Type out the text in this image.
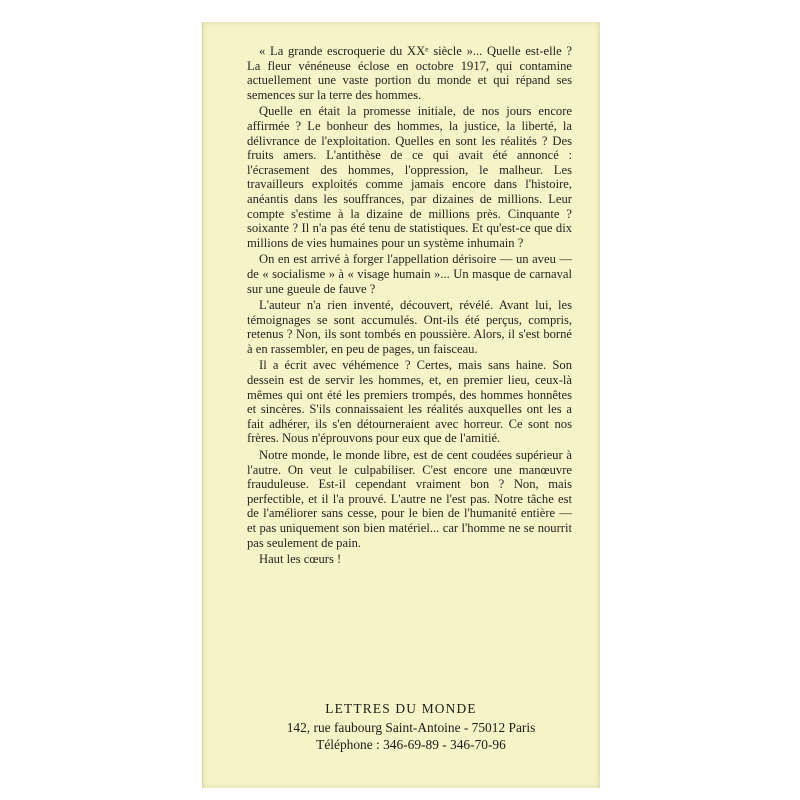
« La grande escroquerie du XXᵉ siècle »... Quelle est-elle ? La fleur vénéneuse éclose en octobre 1917, qui contamine actuellement une vaste portion du monde et qui répand ses semences sur la terre des hommes.

Quelle en était la promesse initiale, de nos jours encore affirmée ? Le bonheur des hommes, la justice, la liberté, la délivrance de l'exploitation. Quelles en sont les réalités ? Des fruits amers. L'antithèse de ce qui avait été annoncé : l'écrasement des hommes, l'oppression, le malheur. Les travailleurs exploités comme jamais encore dans l'histoire, anéantis dans les souffrances, par dizaines de millions. Leur compte s'estime à la dizaine de millions près. Cinquante ? soixante ? Il n'a pas été tenu de statistiques. Et qu'est-ce que dix millions de vies humaines pour un système inhumain ?

On en est arrivé à forger l'appellation dérisoire — un aveu — de « socialisme » à « visage humain »... Un masque de carnaval sur une gueule de fauve ?

L'auteur n'a rien inventé, découvert, révélé. Avant lui, les témoignages se sont accumulés. Ont-ils été perçus, compris, retenus ? Non, ils sont tombés en poussière. Alors, il s'est borné à en rassembler, en peu de pages, un faisceau.

Il a écrit avec véhémence ? Certes, mais sans haine. Son dessein est de servir les hommes, et, en premier lieu, ceux-là mêmes qui ont été les premiers trompés, des hommes honnêtes et sincères. S'ils connaissaient les réalités auxquelles ont les a fait adhérer, ils s'en détourneraient avec horreur. Ce sont nos frères. Nous n'éprouvons pour eux que de l'amitié.

Notre monde, le monde libre, est de cent coudées supérieur à l'autre. On veut le culpabiliser. C'est encore une manœuvre frauduleuse. Est-il cependant vraiment bon ? Non, mais perfectible, et il l'a prouvé. L'autre ne l'est pas. Notre tâche est de l'améliorer sans cesse, pour le bien de l'humanité entière — et pas uniquement son bien matériel... car l'homme ne se nourrit pas seulement de pain.

Haut les cœurs !

LETTRES DU MONDE
142, rue faubourg Saint-Antoine - 75012 Paris
Téléphone : 346-69-89 - 346-70-96
